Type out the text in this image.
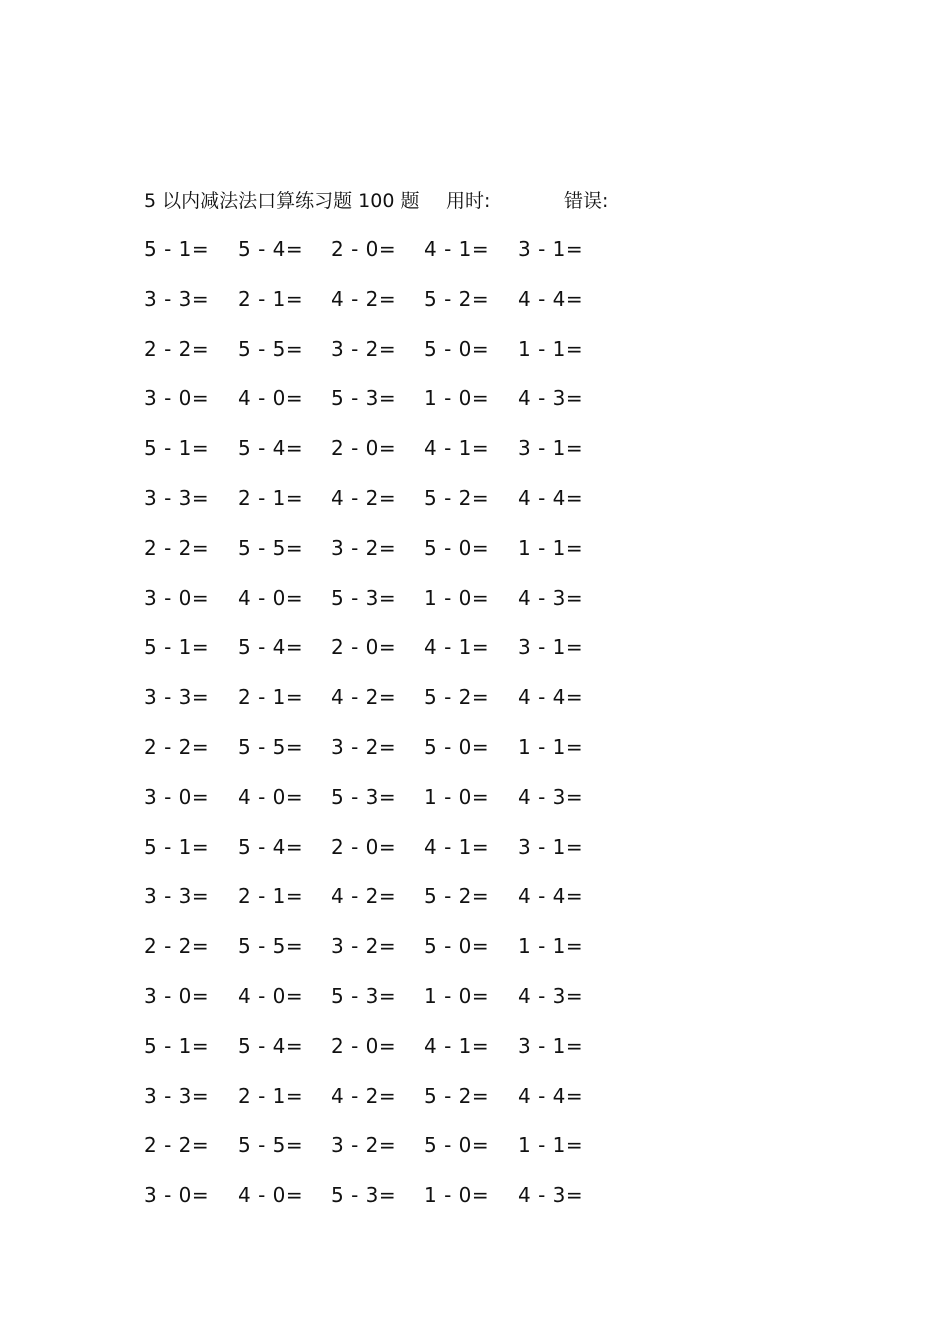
5 以内减法法口算练习题 100 题 用时:	错误:
5 - 1= 5 - 4= 2 - 0= 4 - 1= 3 - 1=
3 - 3= 2 - 1= 4 - 2= 5 - 2= 4 - 4=
2 - 2= 5 - 5= 3 - 2= 5 - 0= 1 - 1=
3 - 0= 4 - 0= 5 - 3= 1 - 0= 4 - 3=
5 - 1= 5 - 4= 2 - 0= 4 - 1= 3 - 1=
3 - 3= 2 - 1= 4 - 2= 5 - 2= 4 - 4=
2 - 2= 5 - 5= 3 - 2= 5 - 0= 1 - 1=
3 - 0= 4 - 0= 5 - 3= 1 - 0= 4 - 3=
5 - 1= 5 - 4= 2 - 0= 4 - 1= 3 - 1=
3 - 3= 2 - 1= 4 - 2= 5 - 2= 4 - 4=
2 - 2= 5 - 5= 3 - 2= 5 - 0= 1 - 1=
3 - 0= 4 - 0= 5 - 3= 1 - 0= 4 - 3=
5 - 1= 5 - 4= 2 - 0= 4 - 1= 3 - 1=
3 - 3= 2 - 1= 4 - 2= 5 - 2= 4 - 4=
2 - 2= 5 - 5= 3 - 2= 5 - 0= 1 - 1=
3 - 0= 4 - 0= 5 - 3= 1 - 0= 4 - 3=
5 - 1= 5 - 4= 2 - 0= 4 - 1= 3 - 1=
3 - 3= 2 - 1= 4 - 2= 5 - 2= 4 - 4=
2 - 2= 5 - 5= 3 - 2= 5 - 0= 1 - 1=
3 - 0= 4 - 0= 5 - 3= 1 - 0= 4 - 3=
